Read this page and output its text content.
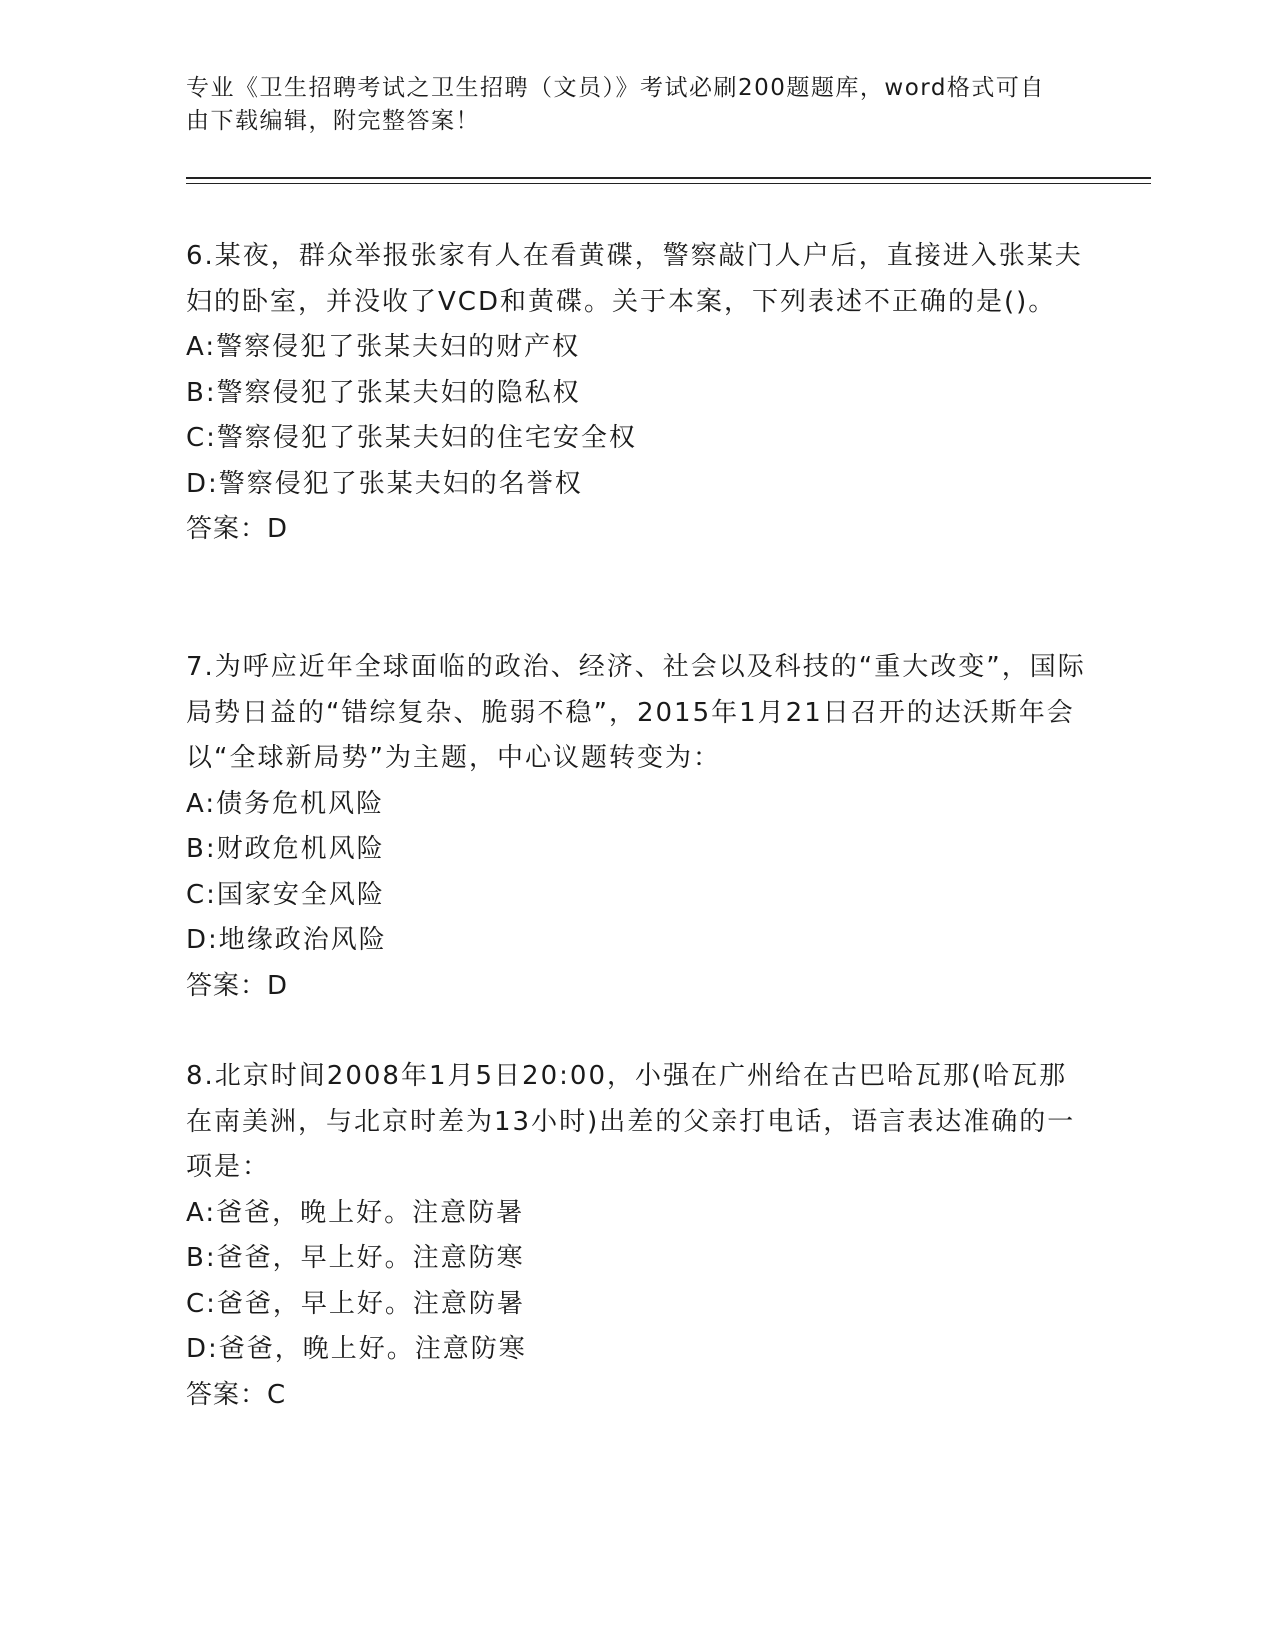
专业《卫生招聘考试之卫生招聘（文员）》考试必刷200题题库，word格式可自由下载编辑，附完整答案！

6.某夜，群众举报张家有人在看黄碟，警察敲门人户后，直接进入张某夫妇的卧室，并没收了VCD和黄碟。关于本案，下列表述不正确的是()。

A:警察侵犯了张某夫妇的财产权
B:警察侵犯了张某夫妇的隐私权
C:警察侵犯了张某夫妇的住宅安全权
D:警察侵犯了张某夫妇的名誉权
答案：D

7.为呼应近年全球面临的政治、经济、社会以及科技的“重大改变”，国际局势日益的“错综复杂、脆弱不稳”，2015年1月21日召开的达沃斯年会以“全球新局势”为主题，中心议题转变为：

A:债务危机风险
B:财政危机风险
C:国家安全风险
D:地缘政治风险
答案：D

8.北京时间2008年1月5日20:00，小强在广州给在古巴哈瓦那(哈瓦那在南美洲，与北京时差为13小时)出差的父亲打电话，语言表达准确的一项是：

A:爸爸，晚上好。注意防暑
B:爸爸，早上好。注意防寒
C:爸爸，早上好。注意防暑
D:爸爸，晚上好。注意防寒
答案：C
